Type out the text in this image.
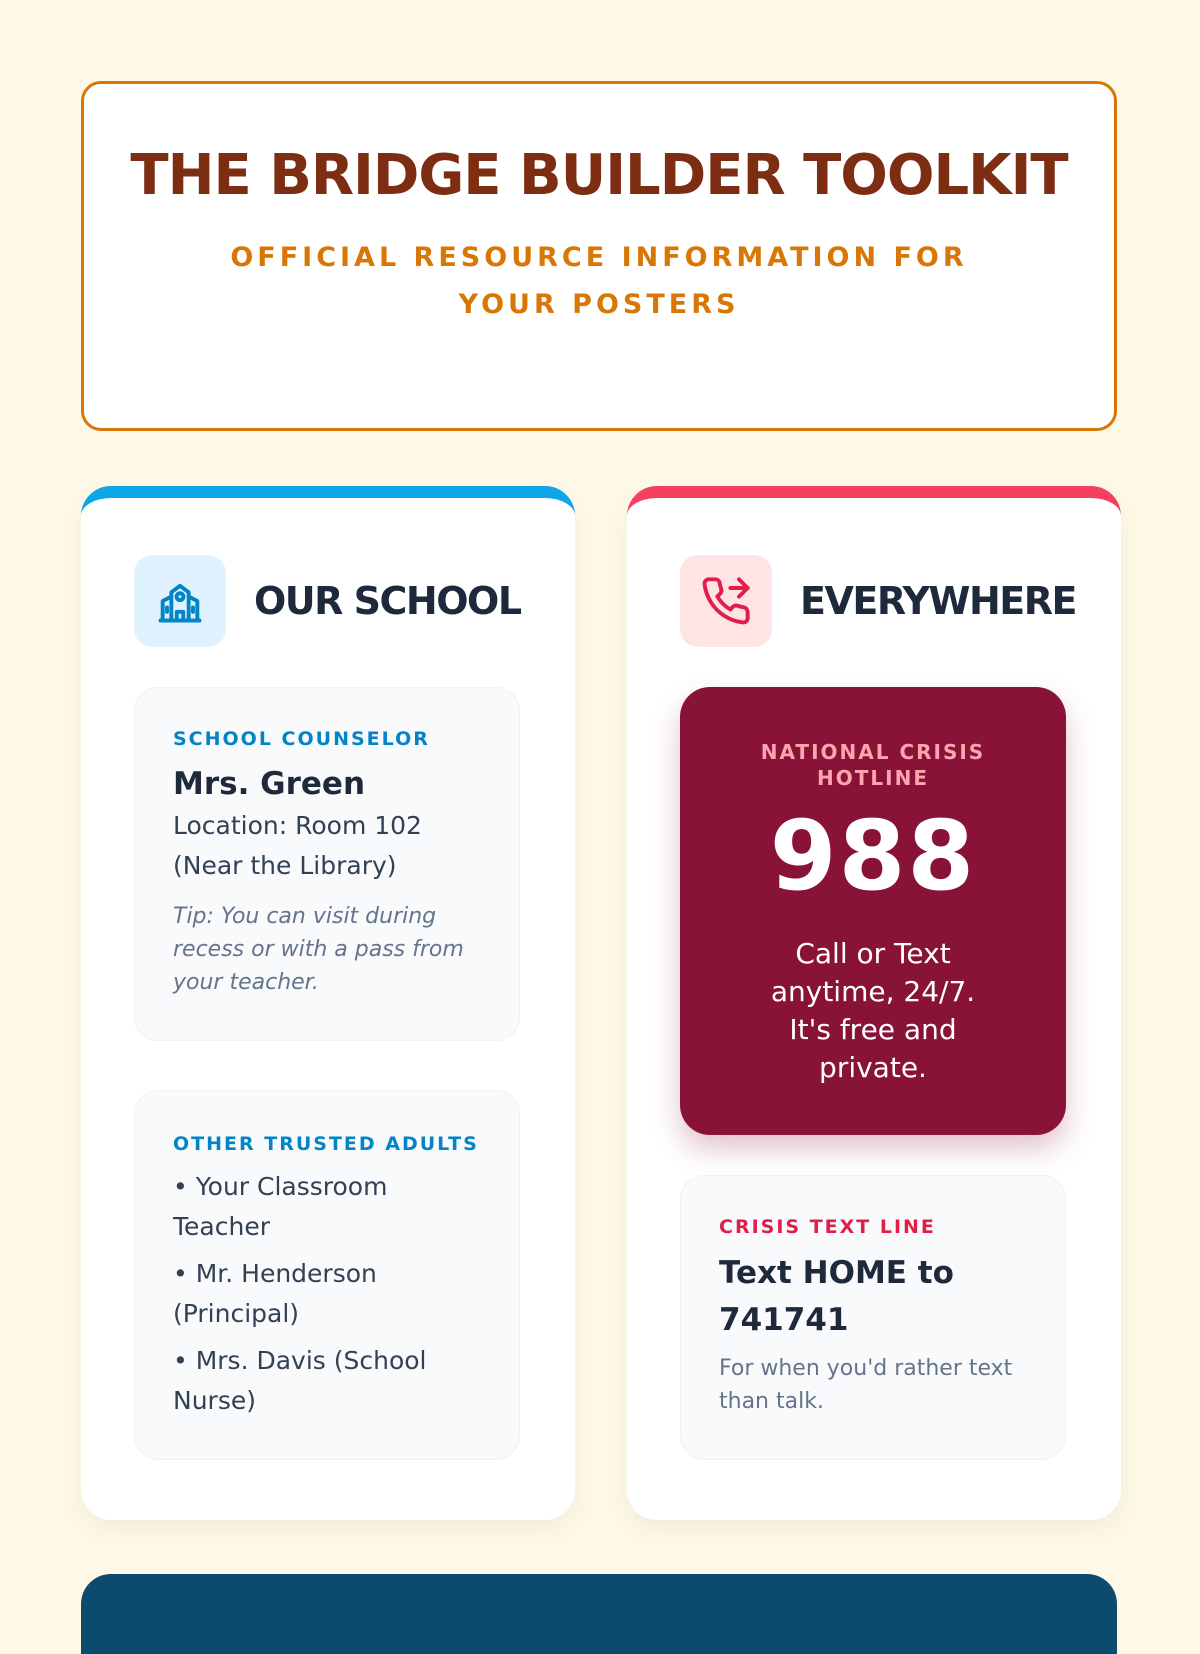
THE BRIDGE BUILDER TOOLKIT
OFFICIAL RESOURCE INFORMATION FOR YOUR POSTERS
OUR SCHOOL
SCHOOL COUNSELOR
Mrs. Green
Location: Room 102 (Near the Library)
Tip: You can visit during recess or with a pass from your teacher.
OTHER TRUSTED ADULTS
• Your Classroom Teacher
• Mr. Henderson (Principal)
• Mrs. Davis (School Nurse)
EVERYWHERE
NATIONAL CRISIS HOTLINE
988
Call or Text anytime, 24/7. It's free and private.
CRISIS TEXT LINE
Text HOME to 741741
For when you'd rather text than talk.
